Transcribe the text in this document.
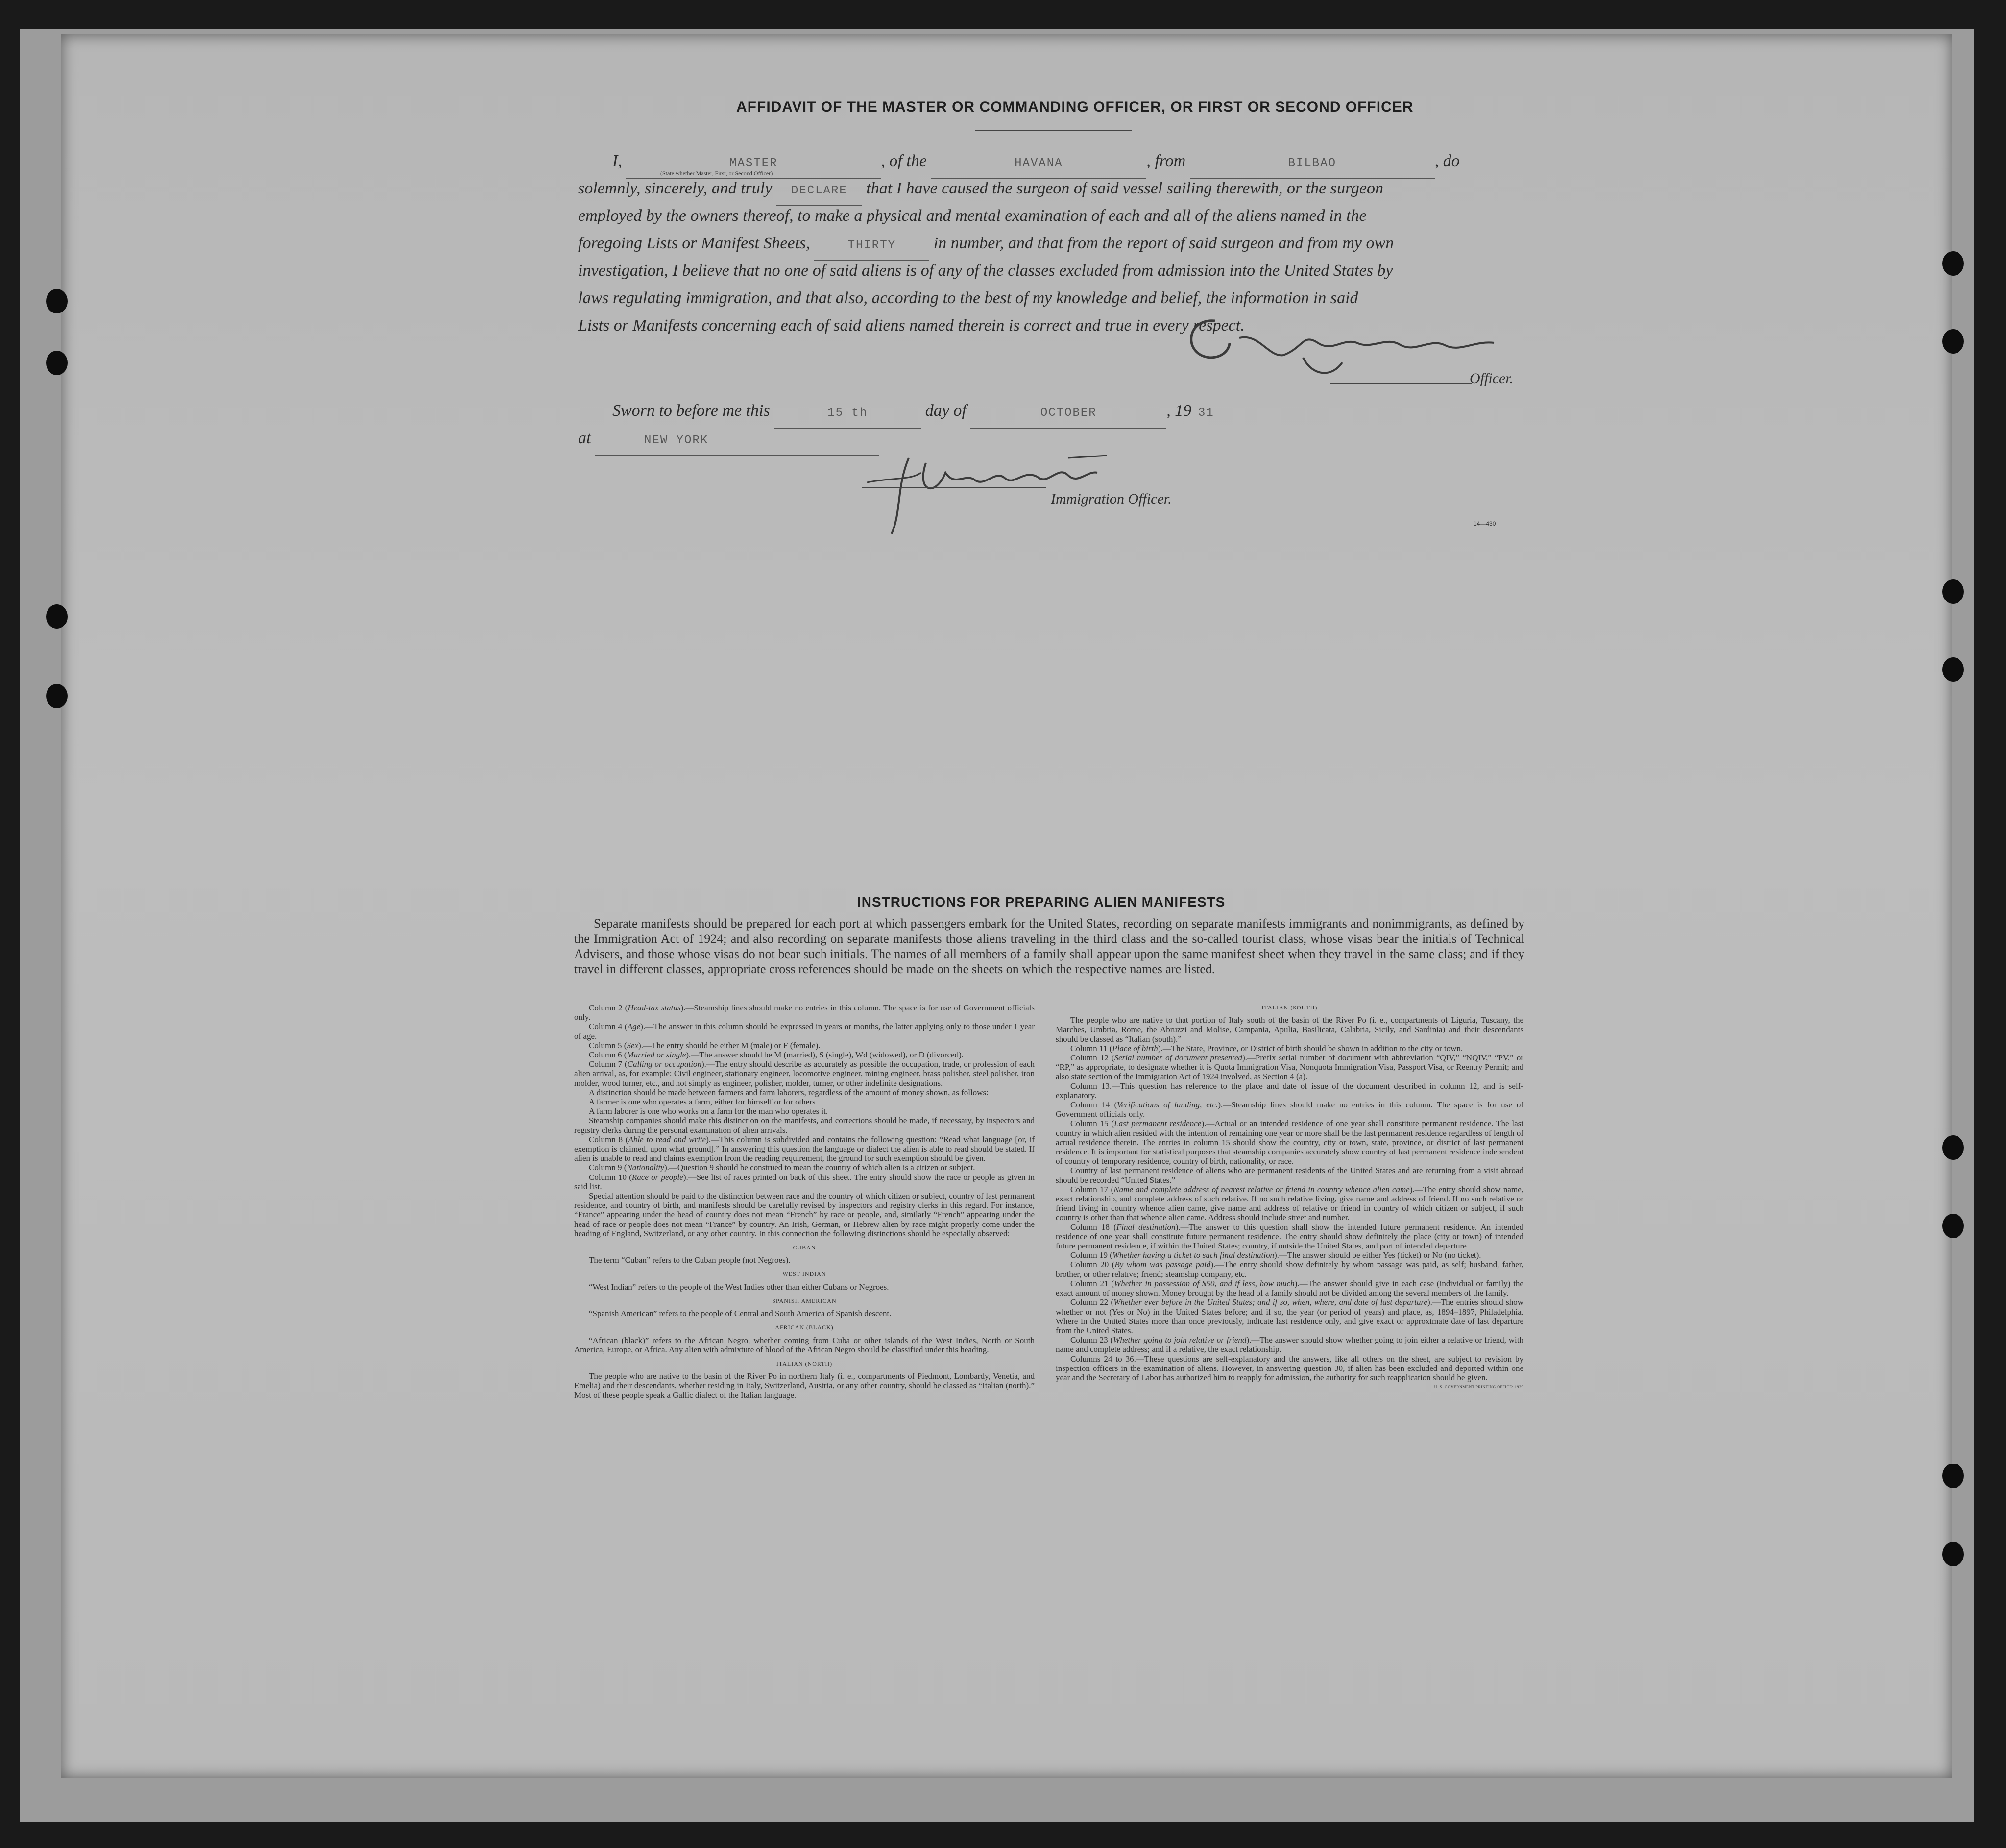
AFFIDAVIT OF THE MASTER OR COMMANDING OFFICER, OR FIRST OR SECOND OFFICER
I,	MASTER	, of the	HAVANA	, from	BILBAO	, do
(State whether Master, First, or Second Officer)
solemnly, sincerely, and truly DECLARE that I have caused the surgeon of said vessel sailing therewith, or the surgeon
employed by the owners thereof, to make a physical and mental examination of each and all of the aliens named in the
foregoing Lists or Manifest Sheets,	THIRTY in number, and that from the report of said surgeon and from my own
investigation, I believe that no one of said aliens is of any of the classes excluded from admission into the United States by
laws regulating immigration, and that also, according to the best of my knowledge and belief, the information in said
Lists or Manifests concerning each of said aliens named therein is correct and true in every respect.
Officer.
Sworn to before me this	15 th	day of	OCTOBER	, 19 31
at	NEW YORK
Immigration Officer.
14—430
INSTRUCTIONS FOR PREPARING ALIEN MANIFESTS
Separate manifests should be prepared for each port at which passengers embark for the United States, recording on separate manifests immigrants and nonimmigrants, as defined by the Immigration Act of 1924; and also recording on separate manifests those aliens traveling in the third class and the so-called tourist class, whose visas bear the initials of Technical Advisers, and those whose visas do not bear such initials. The names of all members of a family shall appear upon the same manifest sheet when they travel in the same class; and if they travel in different classes, appropriate cross references should be made on the sheets on which the respective names are listed.

Column 2 (Head-tax status).—Steamship lines should make no entries in this column. The space is for use of Government officials only.

Column 4 (Age).—The answer in this column should be expressed in years or months, the latter applying only to those under 1 year of age.

Column 5 (Sex).—The entry should be either M (male) or F (female).

Column 6 (Married or single).—The answer should be M (married), S (single), Wd (widowed), or D (divorced).

Column 7 (Calling or occupation).—The entry should describe as accurately as possible the occupation, trade, or profession of each alien arrival, as, for example: Civil engineer, stationary engineer, locomotive engineer, mining engineer, brass polisher, steel polisher, iron molder, wood turner, etc., and not simply as engineer, polisher, molder, turner, or other indefinite designations.

A distinction should be made between farmers and farm laborers, regardless of the amount of money shown, as follows:

A farmer is one who operates a farm, either for himself or for others.

A farm laborer is one who works on a farm for the man who operates it.

Steamship companies should make this distinction on the manifests, and corrections should be made, if necessary, by inspectors and registry clerks during the personal examination of alien arrivals.

Column 8 (Able to read and write).—This column is subdivided and contains the following question: “Read what language [or, if exemption is claimed, upon what ground].” In answering this question the language or dialect the alien is able to read should be stated. If alien is unable to read and claims exemption from the reading requirement, the ground for such exemption should be given.

Column 9 (Nationality).—Question 9 should be construed to mean the country of which alien is a citizen or subject.

Column 10 (Race or people).—See list of races printed on back of this sheet. The entry should show the race or people as given in said list.

Special attention should be paid to the distinction between race and the country of which citizen or subject, country of last permanent residence, and country of birth, and manifests should be carefully revised by inspectors and registry clerks in this regard. For instance, “France” appearing under the head of country does not mean “French” by race or people, and, similarly “French” appearing under the head of race or people does not mean “France” by country. An Irish, German, or Hebrew alien by race might properly come under the heading of England, Switzerland, or any other country. In this connection the following distinctions should be especially observed:

CUBAN

The term “Cuban” refers to the Cuban people (not Negroes).

WEST INDIAN

“West Indian” refers to the people of the West Indies other than either Cubans or Negroes.

SPANISH AMERICAN

“Spanish American” refers to the people of Central and South America of Spanish descent.

AFRICAN (BLACK)

“African (black)” refers to the African Negro, whether coming from Cuba or other islands of the West Indies, North or South America, Europe, or Africa. Any alien with admixture of blood of the African Negro should be classified under this heading.

ITALIAN (NORTH)

The people who are native to the basin of the River Po in northern Italy (i. e., compartments of Piedmont, Lombardy, Venetia, and Emelia) and their descendants, whether residing in Italy, Switzerland, Austria, or any other country, should be classed as “Italian (north).” Most of these people speak a Gallic dialect of the Italian language.

ITALIAN (SOUTH)

The people who are native to that portion of Italy south of the basin of the River Po (i. e., compartments of Liguria, Tuscany, the Marches, Umbria, Rome, the Abruzzi and Molise, Campania, Apulia, Basilicata, Calabria, Sicily, and Sardinia) and their descendants should be classed as “Italian (south).”

Column 11 (Place of birth).—The State, Province, or District of birth should be shown in addition to the city or town.

Column 12 (Serial number of document presented).—Prefix serial number of document with abbreviation “QIV,” “NQIV,” “PV,” or “RP,” as appropriate, to designate whether it is Quota Immigration Visa, Nonquota Immigration Visa, Passport Visa, or Reentry Permit; and also state section of the Immigration Act of 1924 involved, as Section 4 (a).

Column 13.—This question has reference to the place and date of issue of the document described in column 12, and is self-explanatory.

Column 14 (Verifications of landing, etc.).—Steamship lines should make no entries in this column. The space is for use of Government officials only.

Column 15 (Last permanent residence).—Actual or an intended residence of one year shall constitute permanent residence. The last country in which alien resided with the intention of remaining one year or more shall be the last permanent residence regardless of length of actual residence therein. The entries in column 15 should show the country, city or town, state, province, or district of last permanent residence. It is important for statistical purposes that steamship companies accurately show country of last permanent residence independent of country of temporary residence, country of birth, nationality, or race.

Country of last permanent residence of aliens who are permanent residents of the United States and are returning from a visit abroad should be recorded “United States.”

Column 17 (Name and complete address of nearest relative or friend in country whence alien came).—The entry should show name, exact relationship, and complete address of such relative. If no such relative living, give name and address of friend. If no such relative or friend living in country whence alien came, give name and address of relative or friend in country of which citizen or subject, if such country is other than that whence alien came. Address should include street and number.

Column 18 (Final destination).—The answer to this question shall show the intended future permanent residence. An intended residence of one year shall constitute future permanent residence. The entry should show definitely the place (city or town) of intended future permanent residence, if within the United States; country, if outside the United States, and port of intended departure.

Column 19 (Whether having a ticket to such final destination).—The answer should be either Yes (ticket) or No (no ticket).

Column 20 (By whom was passage paid).—The entry should show definitely by whom passage was paid, as self; husband, father, brother, or other relative; friend; steamship company, etc.

Column 21 (Whether in possession of $50, and if less, how much).—The answer should give in each case (individual or family) the exact amount of money shown. Money brought by the head of a family should not be divided among the several members of the family.

Column 22 (Whether ever before in the United States; and if so, when, where, and date of last departure).—The entries should show whether or not (Yes or No) in the United States before; and if so, the year (or period of years) and place, as, 1894–1897, Philadelphia. Where in the United States more than once previously, indicate last residence only, and give exact or approximate date of last departure from the United States.

Column 23 (Whether going to join relative or friend).—The answer should show whether going to join either a relative or friend, with name and complete address; and if a relative, the exact relationship.

Columns 24 to 36.—These questions are self-explanatory and the answers, like all others on the sheet, are subject to revision by inspection officers in the examination of aliens. However, in answering question 30, if alien has been excluded and deported within one year and the Secretary of Labor has authorized him to reapply for admission, the authority for such reapplication should be given.

U. S. GOVERNMENT PRINTING OFFICE: 1929
